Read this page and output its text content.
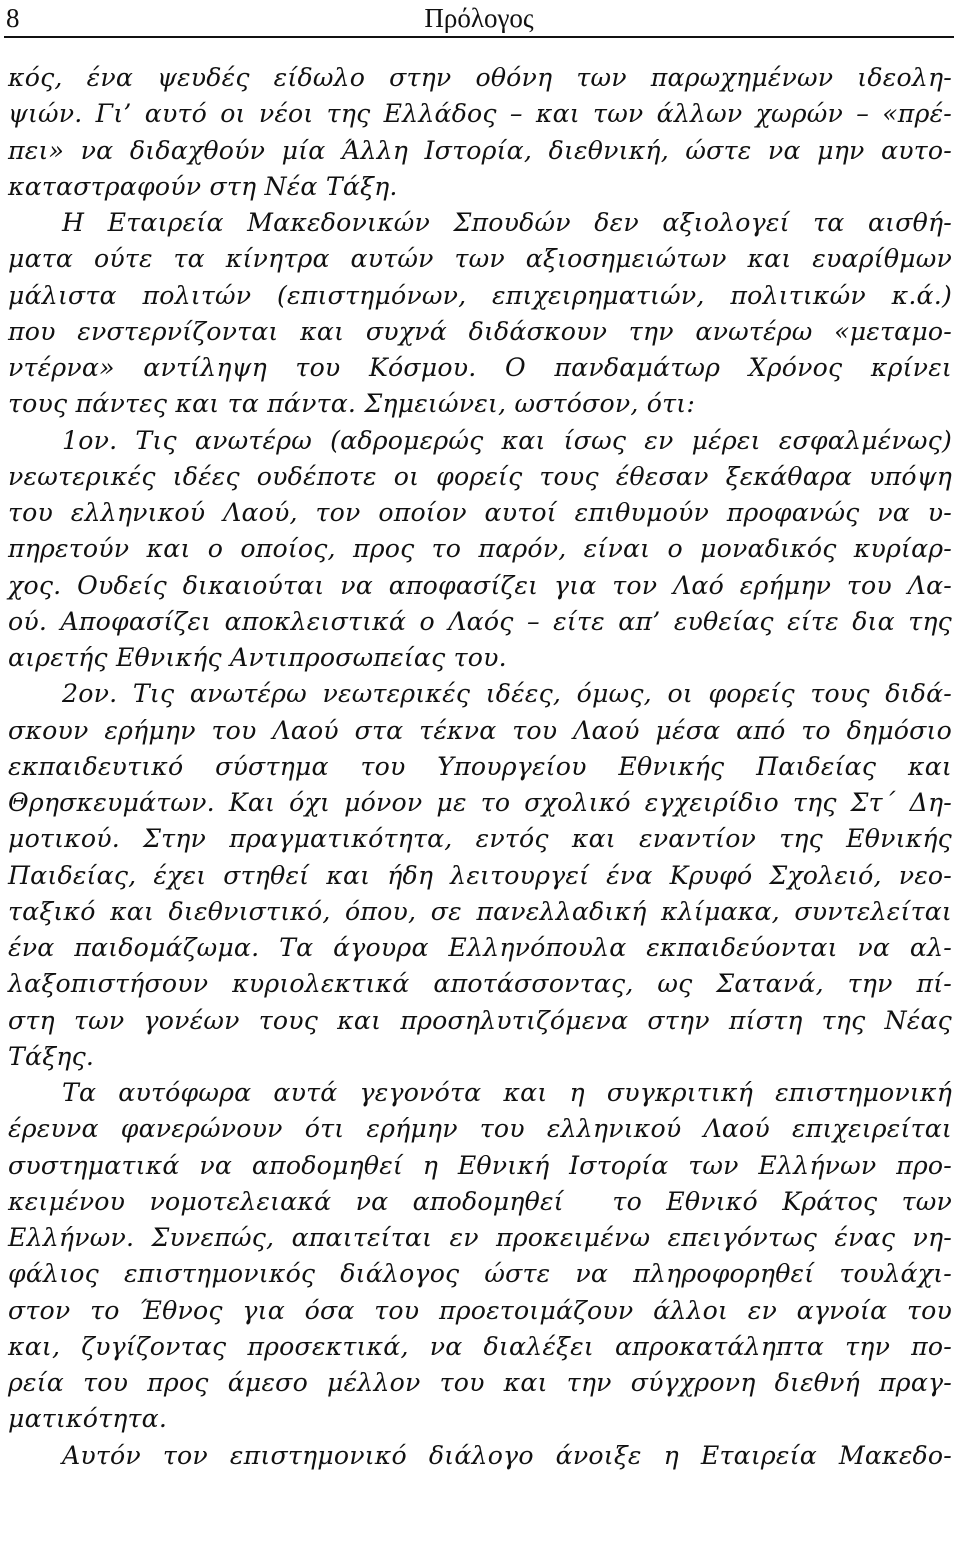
8	Πρόλογος
κός, ένα ψευδές είδωλο στην οθόνη των παρωχημένων ιδεολη-
ψιών. Γι’ αυτό οι νέοι της Ελλάδος – και των άλλων χωρών – «πρέ-
πει» να διδαχθούν μία Άλλη Ιστορία, διεθνική, ώστε να μην αυτο-
καταστραφούν στη Νέα Τάξη.
Η Εταιρεία Μακεδονικών Σπουδών δεν αξιολογεί τα αισθή-
ματα ούτε τα κίνητρα αυτών των αξιοσημειώτων και ευαρίθμων
μάλιστα πολιτών (επιστημόνων, επιχειρηματιών, πολιτικών κ.ά.)
που ενστερνίζονται και συχνά διδάσκουν την ανωτέρω «μεταμο-
ντέρνα» αντίληψη του Κόσμου. Ο πανδαμάτωρ Χρόνος κρίνει
τους πάντες και τα πάντα. Σημειώνει, ωστόσον, ότι:
1ον. Τις ανωτέρω (αδρομερώς και ίσως εν μέρει εσφαλμένως)
νεωτερικές ιδέες ουδέποτε οι φορείς τους έθεσαν ξεκάθαρα υπόψη
του ελληνικού Λαού, τον οποίον αυτοί επιθυμούν προφανώς να υ-
πηρετούν και ο οποίος, προς το παρόν, είναι ο μοναδικός κυρίαρ-
χος. Ουδείς δικαιούται να αποφασίζει για τον Λαό ερήμην του Λα-
ού. Αποφασίζει αποκλειστικά ο Λαός – είτε απ’ ευθείας είτε δια της
αιρετής Εθνικής Αντιπροσωπείας του.
2ον. Τις ανωτέρω νεωτερικές ιδέες, όμως, οι φορείς τους διδά-
σκουν ερήμην του Λαού στα τέκνα του Λαού μέσα από το δημόσιο
εκπαιδευτικό σύστημα του Υπουργείου Εθνικής Παιδείας και
Θρησκευμάτων. Και όχι μόνον με το σχολικό εγχειρίδιο της Στ΄ Δη-
μοτικού. Στην πραγματικότητα, εντός και εναντίον της Εθνικής
Παιδείας, έχει στηθεί και ήδη λειτουργεί ένα Κρυφό Σχολειό, νεο-
ταξικό και διεθνιστικό, όπου, σε πανελλαδική κλίμακα, συντελείται
ένα παιδομάζωμα. Τα άγουρα Ελληνόπουλα εκπαιδεύονται να αλ-
λαξοπιστήσουν κυριολεκτικά αποτάσσοντας, ως Σατανά, την πί-
στη των γονέων τους και προσηλυτιζόμενα στην πίστη της Νέας
Τάξης.
Τα αυτόφωρα αυτά γεγονότα και η συγκριτική επιστημονική
έρευνα φανερώνουν ότι ερήμην του ελληνικού Λαού επιχειρείται
συστηματικά να αποδομηθεί η Εθνική Ιστορία των Ελλήνων προ-
κειμένου νομοτελειακά να αποδομηθεί  το Εθνικό Κράτος των
Ελλήνων. Συνεπώς, απαιτείται εν προκειμένω επειγόντως ένας νη-
φάλιος επιστημονικός διάλογος ώστε να πληροφορηθεί τουλάχι-
στον το Έθνος για όσα του προετοιμάζουν άλλοι εν αγνοία του
και, ζυγίζοντας προσεκτικά, να διαλέξει απροκατάληπτα την πο-
ρεία του προς άμεσο μέλλον του και την σύγχρονη διεθνή πραγ-
ματικότητα.
Αυτόν τον επιστημονικό διάλογο άνοιξε η Εταιρεία Μακεδο-
